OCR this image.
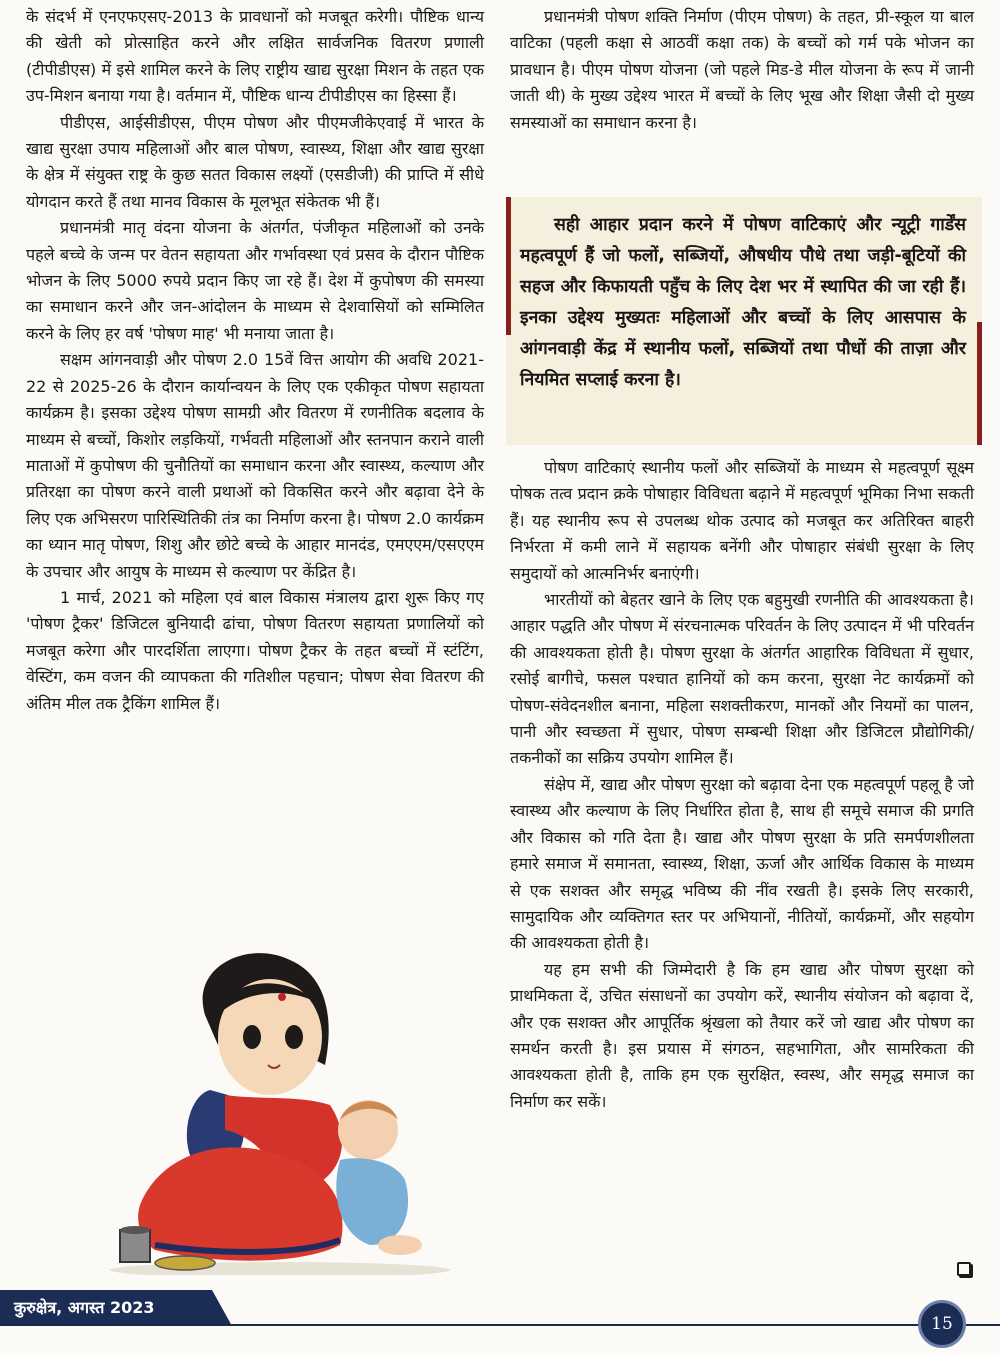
के संदर्भ में एनएफएसए-2013 के प्रावधानों को मजबूत करेगी। पौष्टिक धान्य की खेती को प्रोत्साहित करने और लक्षित सार्वजनिक वितरण प्रणाली (टीपीडीएस) में इसे शामिल करने के लिए राष्ट्रीय खाद्य सुरक्षा मिशन के तहत एक उप-मिशन बनाया गया है। वर्तमान में, पौष्टिक धान्य टीपीडीएस का हिस्सा हैं।

पीडीएस, आईसीडीएस, पीएम पोषण और पीएमजीकेएवाई में भारत के खाद्य सुरक्षा उपाय महिलाओं और बाल पोषण, स्वास्थ्य, शिक्षा और खाद्य सुरक्षा के क्षेत्र में संयुक्त राष्ट्र के कुछ सतत विकास लक्ष्यों (एसडीजी) की प्राप्ति में सीधे योगदान करते हैं तथा मानव विकास के मूलभूत संकेतक भी हैं।

प्रधानमंत्री मातृ वंदना योजना के अंतर्गत, पंजीकृत महिलाओं को उनके पहले बच्चे के जन्म पर वेतन सहायता और गर्भावस्था एवं प्रसव के दौरान पौष्टिक भोजन के लिए 5000 रुपये प्रदान किए जा रहे हैं। देश में कुपोषण की समस्या का समाधान करने और जन-आंदोलन के माध्यम से देशवासियों को सम्मिलित करने के लिए हर वर्ष 'पोषण माह' भी मनाया जाता है।

सक्षम आंगनवाड़ी और पोषण 2.0 15वें वित्त आयोग की अवधि 2021-22 से 2025-26 के दौरान कार्यान्वयन के लिए एक एकीकृत पोषण सहायता कार्यक्रम है। इसका उद्देश्य पोषण सामग्री और वितरण में रणनीतिक बदलाव के माध्यम से बच्चों, किशोर लड़कियों, गर्भवती महिलाओं और स्तनपान कराने वाली माताओं में कुपोषण की चुनौतियों का समाधान करना और स्वास्थ्य, कल्याण और प्रतिरक्षा का पोषण करने वाली प्रथाओं को विकसित करने और बढ़ावा देने के लिए एक अभिसरण पारिस्थितिकी तंत्र का निर्माण करना है। पोषण 2.0 कार्यक्रम का ध्यान मातृ पोषण, शिशु और छोटे बच्चे के आहार मानदंड, एमएएम/एसएएम के उपचार और आयुष के माध्यम से कल्याण पर केंद्रित है।

1 मार्च, 2021 को महिला एवं बाल विकास मंत्रालय द्वारा शुरू किए गए 'पोषण ट्रैकर' डिजिटल बुनियादी ढांचा, पोषण वितरण सहायता प्रणालियों को मजबूत करेगा और पारदर्शिता लाएगा। पोषण ट्रैकर के तहत बच्चों में स्टंटिंग, वेस्टिंग, कम वजन की व्यापकता की गतिशील पहचान; पोषण सेवा वितरण की अंतिम मील तक ट्रैकिंग शामिल हैं।

प्रधानमंत्री पोषण शक्ति निर्माण (पीएम पोषण) के तहत, प्री-स्कूल या बाल वाटिका (पहली कक्षा से आठवीं कक्षा तक) के बच्चों को गर्म पके भोजन का प्रावधान है। पीएम पोषण योजना (जो पहले मिड-डे मील योजना के रूप में जानी जाती थी) के मुख्य उद्देश्य भारत में बच्चों के लिए भूख और शिक्षा जैसी दो मुख्य समस्याओं का समाधान करना है।

सही आहार प्रदान करने में पोषण वाटिकाएं और न्यूट्री गार्डेंस महत्वपूर्ण हैं जो फलों, सब्जियों, औषधीय पौधे तथा जड़ी-बूटियों की सहज और किफायती पहुँच के लिए देश भर में स्थापित की जा रही हैं। इनका उद्देश्य मुख्यतः महिलाओं और बच्चों के लिए आसपास के आंगनवाड़ी केंद्र में स्थानीय फलों, सब्जियों तथा पौधों की ताज़ा और नियमित सप्लाई करना है।

पोषण वाटिकाएं स्थानीय फलों और सब्जियों के माध्यम से महत्वपूर्ण सूक्ष्म पोषक तत्व प्रदान क्रकेे पोषाहार विविधता बढ़ाने में महत्वपूर्ण भूमिका निभा सकती हैं। यह स्थानीय रूप से उपलब्ध थोक उत्पाद को मजबूत कर अतिरिक्त बाहरी निर्भरता में कमी लाने में सहायक बनेंगी और पोषाहार संबंधी सुरक्षा के लिए समुदायों को आत्मनिर्भर बनाएंगी।

भारतीयों को बेहतर खाने के लिए एक बहुमुखी रणनीति की आवश्यकता है। आहार पद्धति और पोषण में संरचनात्मक परिवर्तन के लिए उत्पादन में भी परिवर्तन की आवश्यकता होती है। पोषण सुरक्षा के अंतर्गत आहारिक विविधता में सुधार, रसोई बागीचे, फसल पश्चात हानियों को कम करना, सुरक्षा नेट कार्यक्रमों को पोषण-संवेदनशील बनाना, महिला सशक्तीकरण, मानकों और नियमों का पालन, पानी और स्वच्छता में सुधार, पोषण सम्बन्धी शिक्षा और डिजिटल प्रौद्योगिकी/ तकनीकों का सक्रिय उपयोग शामिल हैं।

संक्षेप में, खाद्य और पोषण सुरक्षा को बढ़ावा देना एक महत्वपूर्ण पहलू है जो स्वास्थ्य और कल्याण के लिए निर्धारित होता है, साथ ही समूचे समाज की प्रगति और विकास को गति देता है। खाद्य और पोषण सुरक्षा के प्रति समर्पणशीलता हमारे समाज में समानता, स्वास्थ्य, शिक्षा, ऊर्जा और आर्थिक विकास के माध्यम से एक सशक्त और समृद्ध भविष्य की नींव रखती है। इसके लिए सरकारी, सामुदायिक और व्यक्तिगत स्तर पर अभियानों, नीतियों, कार्यक्रमों, और सहयोग की आवश्यकता होती है।

यह हम सभी की जिम्मेदारी है कि हम खाद्य और पोषण सुरक्षा को प्राथमिकता दें, उचित संसाधनों का उपयोग करें, स्थानीय संयोजन को बढ़ावा दें, और एक सशक्त और आपूर्तिक श्रृंखला को तैयार करें जो खाद्य और पोषण का समर्थन करती है। इस प्रयास में संगठन, सहभागिता, और सामरिकता की आवश्यकता होती है, ताकि हम एक सुरक्षित, स्वस्थ, और समृद्ध समाज का निर्माण कर सकें।

कुरुक्षेत्र, अगस्त 2023
15
